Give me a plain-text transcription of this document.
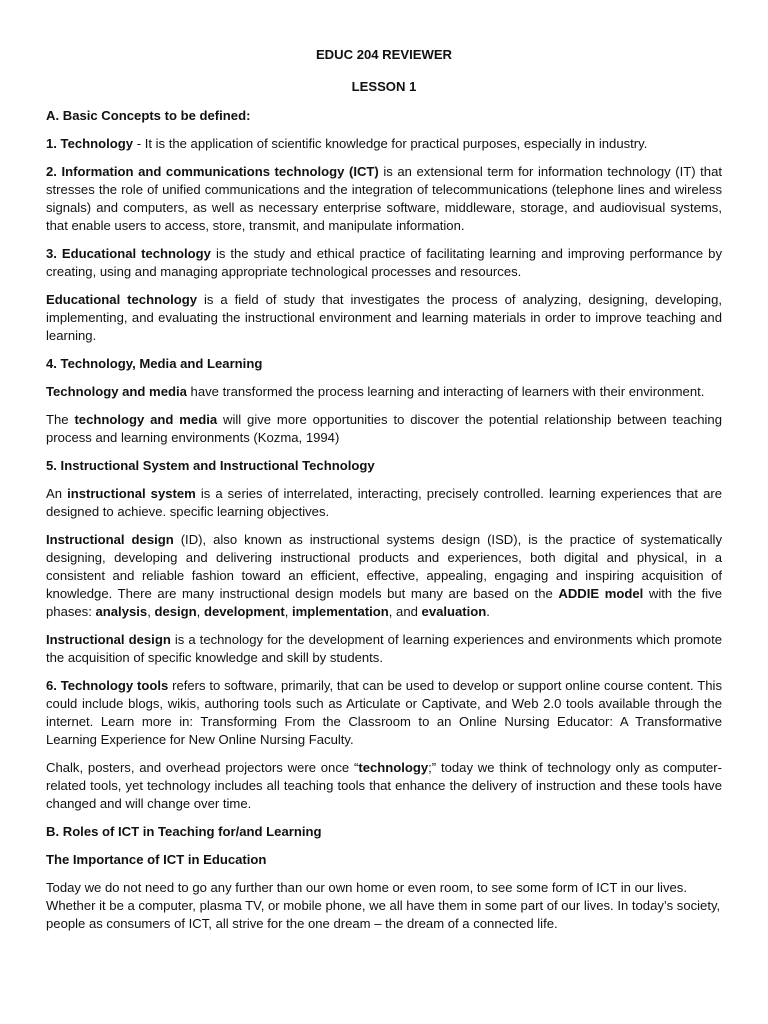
EDUC 204 REVIEWER
LESSON 1
A. Basic Concepts to be defined:

1. Technology - It is the application of scientific knowledge for practical purposes, especially in industry.

2. Information and communications technology (ICT) is an extensional term for information technology (IT) that stresses the role of unified communications and the integration of telecommunications (telephone lines and wireless signals) and computers, as well as necessary enterprise software, middleware, storage, and audiovisual systems, that enable users to access, store, transmit, and manipulate information.

3. Educational technology is the study and ethical practice of facilitating learning and improving performance by creating, using and managing appropriate technological processes and resources.

Educational technology is a field of study that investigates the process of analyzing, designing, developing, implementing, and evaluating the instructional environment and learning materials in order to improve teaching and learning.

4. Technology, Media and Learning

Technology and media have transformed the process learning and interacting of learners with their environment.

The technology and media will give more opportunities to discover the potential relationship between teaching process and learning environments (Kozma, 1994)

5. Instructional System and Instructional Technology

An instructional system is a series of interrelated, interacting, precisely controlled. learning experiences that are designed to achieve. specific learning objectives.

Instructional design (ID), also known as instructional systems design (ISD), is the practice of systematically designing, developing and delivering instructional products and experiences, both digital and physical, in a consistent and reliable fashion toward an efficient, effective, appealing, engaging and inspiring acquisition of knowledge. There are many instructional design models but many are based on the ADDIE model with the five phases: analysis, design, development, implementation, and evaluation.

Instructional design is a technology for the development of learning experiences and environments which promote the acquisition of specific knowledge and skill by students.

6. Technology tools refers to software, primarily, that can be used to develop or support online course content. This could include blogs, wikis, authoring tools such as Articulate or Captivate, and Web 2.0 tools available through the internet. Learn more in: Transforming From the Classroom to an Online Nursing Educator: A Transformative Learning Experience for New Online Nursing Faculty.

Chalk, posters, and overhead projectors were once “technology;” today we think of technology only as computer-related tools, yet technology includes all teaching tools that enhance the delivery of instruction and these tools have changed and will change over time.

B. Roles of ICT in Teaching for/and Learning
The Importance of ICT in Education

Today we do not need to go any further than our own home or even room, to see some form of ICT in our lives. Whether it be a computer, plasma TV, or mobile phone, we all have them in some part of our lives. In today’s society, people as consumers of ICT, all strive for the one dream – the dream of a connected life.
